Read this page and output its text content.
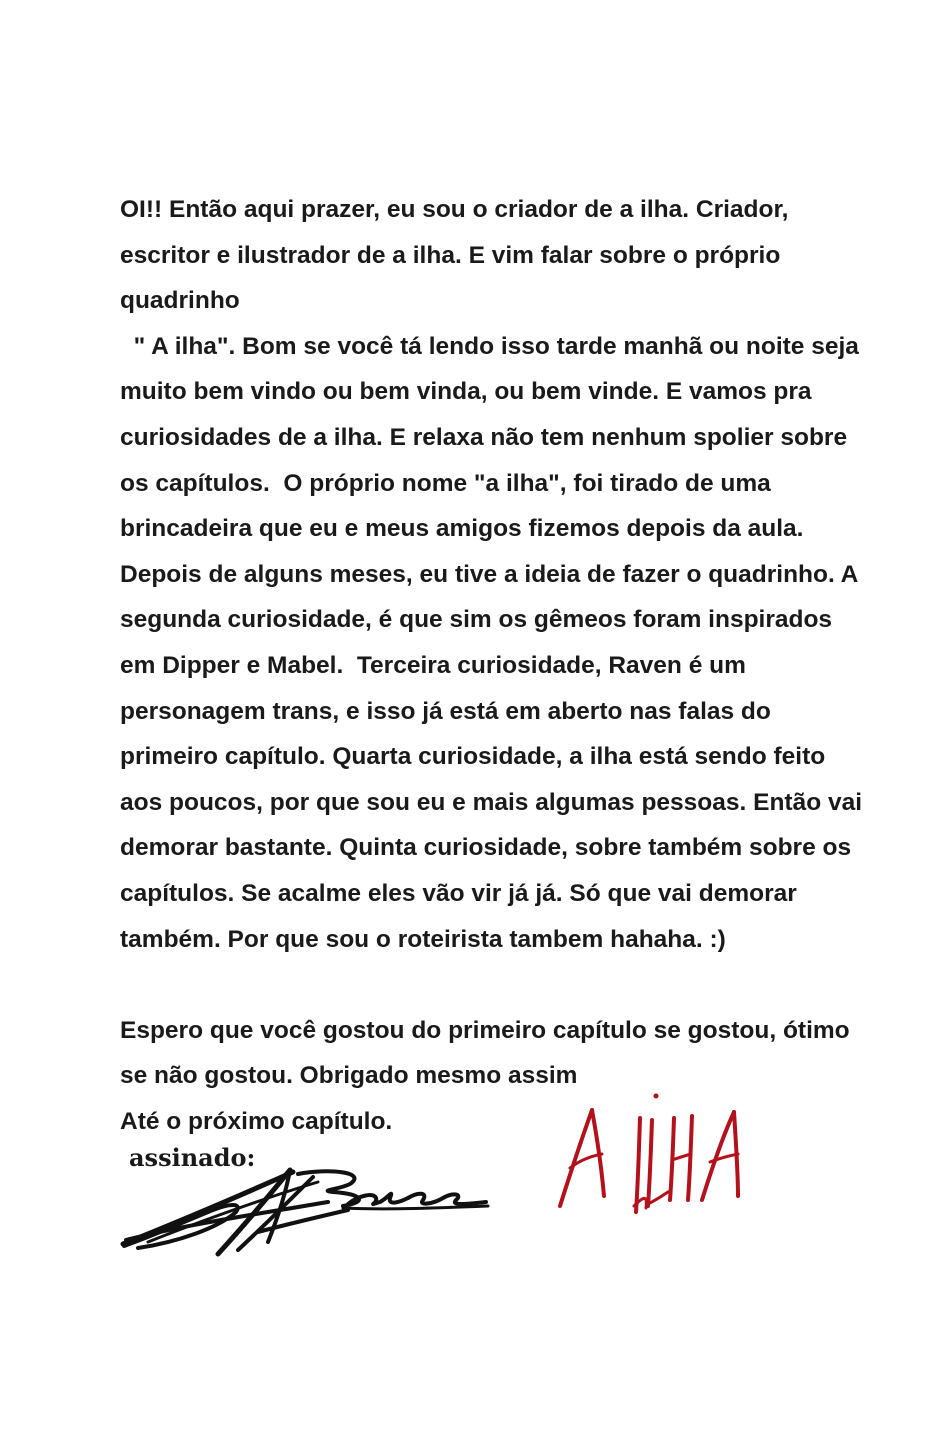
OI!! Então aqui prazer, eu sou o criador de a ilha. Criador,
escritor e ilustrador de a ilha. E vim falar sobre o próprio
quadrinho
" A ilha". Bom se você tá lendo isso tarde manhã ou noite seja
muito bem vindo ou bem vinda, ou bem vinde. E vamos pra
curiosidades de a ilha. E relaxa não tem nenhum spolier sobre
os capítulos.  O próprio nome "a ilha", foi tirado de uma
brincadeira que eu e meus amigos fizemos depois da aula.
Depois de alguns meses, eu tive a ideia de fazer o quadrinho. A
segunda curiosidade, é que sim os gêmeos foram inspirados
em Dipper e Mabel.  Terceira curiosidade, Raven é um
personagem trans, e isso já está em aberto nas falas do
primeiro capítulo. Quarta curiosidade, a ilha está sendo feito
aos poucos, por que sou eu e mais algumas pessoas. Então vai
demorar bastante. Quinta curiosidade, sobre também sobre os
capítulos. Se acalme eles vão vir já já. Só que vai demorar
também. Por que sou o roteirista tambem hahaha. :)
Espero que você gostou do primeiro capítulo se gostou, ótimo
se não gostou. Obrigado mesmo assim
Até o próximo capítulo.
assinado:
